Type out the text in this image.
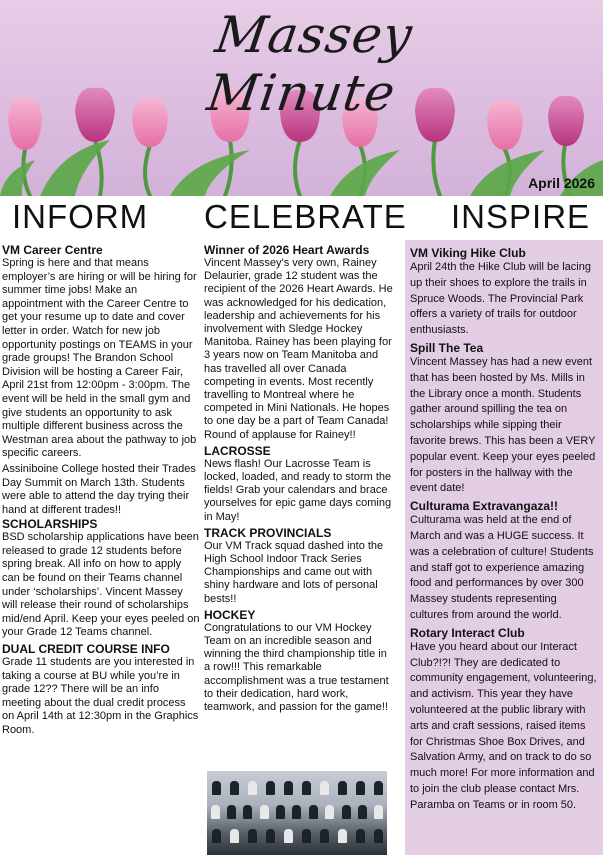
Massey Minute
April 2026
INFORM CELEBRATE INSPIRE
VM Career Centre

Spring is here and that means employer’s are hiring or will be hiring for summer time jobs! Make an appointment with the Career Centre to get your resume up to date and cover letter in order. Watch for new job opportunity postings on TEAMS in your grade groups! The Brandon School Division will be hosting a Career Fair, April 21st from 12:00pm - 3:00pm. The event will be held in the small gym and give students an opportunity to ask multiple different business across the Westman area about the pathway to job specific careers.

Assiniboine College hosted their Trades Day Summit on March 13th. Students were able to attend the day trying their hand at different trades!!

SCHOLARSHIPS

BSD scholarship applications have been released to grade 12 students before spring break. All info on how to apply can be found on their Teams channel under ‘scholarships’. Vincent Massey will release their round of scholarships mid/end April. Keep your eyes peeled on your Grade 12 Teams channel.

DUAL CREDIT COURSE INFO

Grade 11 students are you interested in taking a course at BU while you’re in grade 12?? There will be an info meeting about the dual credit process on April 14th at 12:30pm in the Graphics Room.

Winner of 2026 Heart Awards

Vincent Massey’s very own, Rainey Delaurier, grade 12 student was the recipient of the 2026 Heart Awards. He was acknowledged for his dedication, leadership and achievements for his involvement with Sledge Hockey Manitoba. Rainey has been playing for 3 years now on Team Manitoba and has travelled all over Canada competing in events. Most recently travelling to Montreal where he competed in Mini Nationals. He hopes to one day be a part of Team Canada! Round of applause for Rainey!!

LACROSSE

News flash! Our Lacrosse Team is locked, loaded, and ready to storm the fields! Grab your calendars and brace yourselves for epic game days coming in May!

TRACK PROVINCIALS

Our VM Track squad dashed into the High School Indoor Track Series Championships and came out with shiny hardware and lots of personal bests!!

HOCKEY

Congratulations to our VM Hockey Team on an incredible season and winning the third championship title in a row!!! This remarkable accomplishment was a true testament to their dedication, hard work, teamwork, and passion for the game!!

VM Viking Hike Club

April 24th the Hike Club will be lacing up their shoes to explore the trails in Spruce Woods. The Provincial Park offers a variety of trails for outdoor enthusiasts.

Spill The Tea

Vincent Massey has had a new event that has been hosted by Ms. Mills in the Library once a month. Students gather around spilling the tea on scholarships while sipping their favorite brews. This has been a VERY popular event. Keep your eyes peeled for posters in the hallway with the event date!

Culturama Extravangaza!!

Culturama was held at the end of March and was a HUGE success. It was a celebration of culture! Students and staff got to experience amazing food and performances by over 300 Massey students representing cultures from around the world.

Rotary Interact Club

Have you heard about our Interact Club?!?! They are dedicated to community engagement, volunteering, and activism. This year they have volunteered at the public library with arts and craft sessions, raised items for Christmas Shoe Box Drives, and Salvation Army, and on track to do so much more! For more information and to join the club please contact Mrs. Paramba on Teams or in room 50.
